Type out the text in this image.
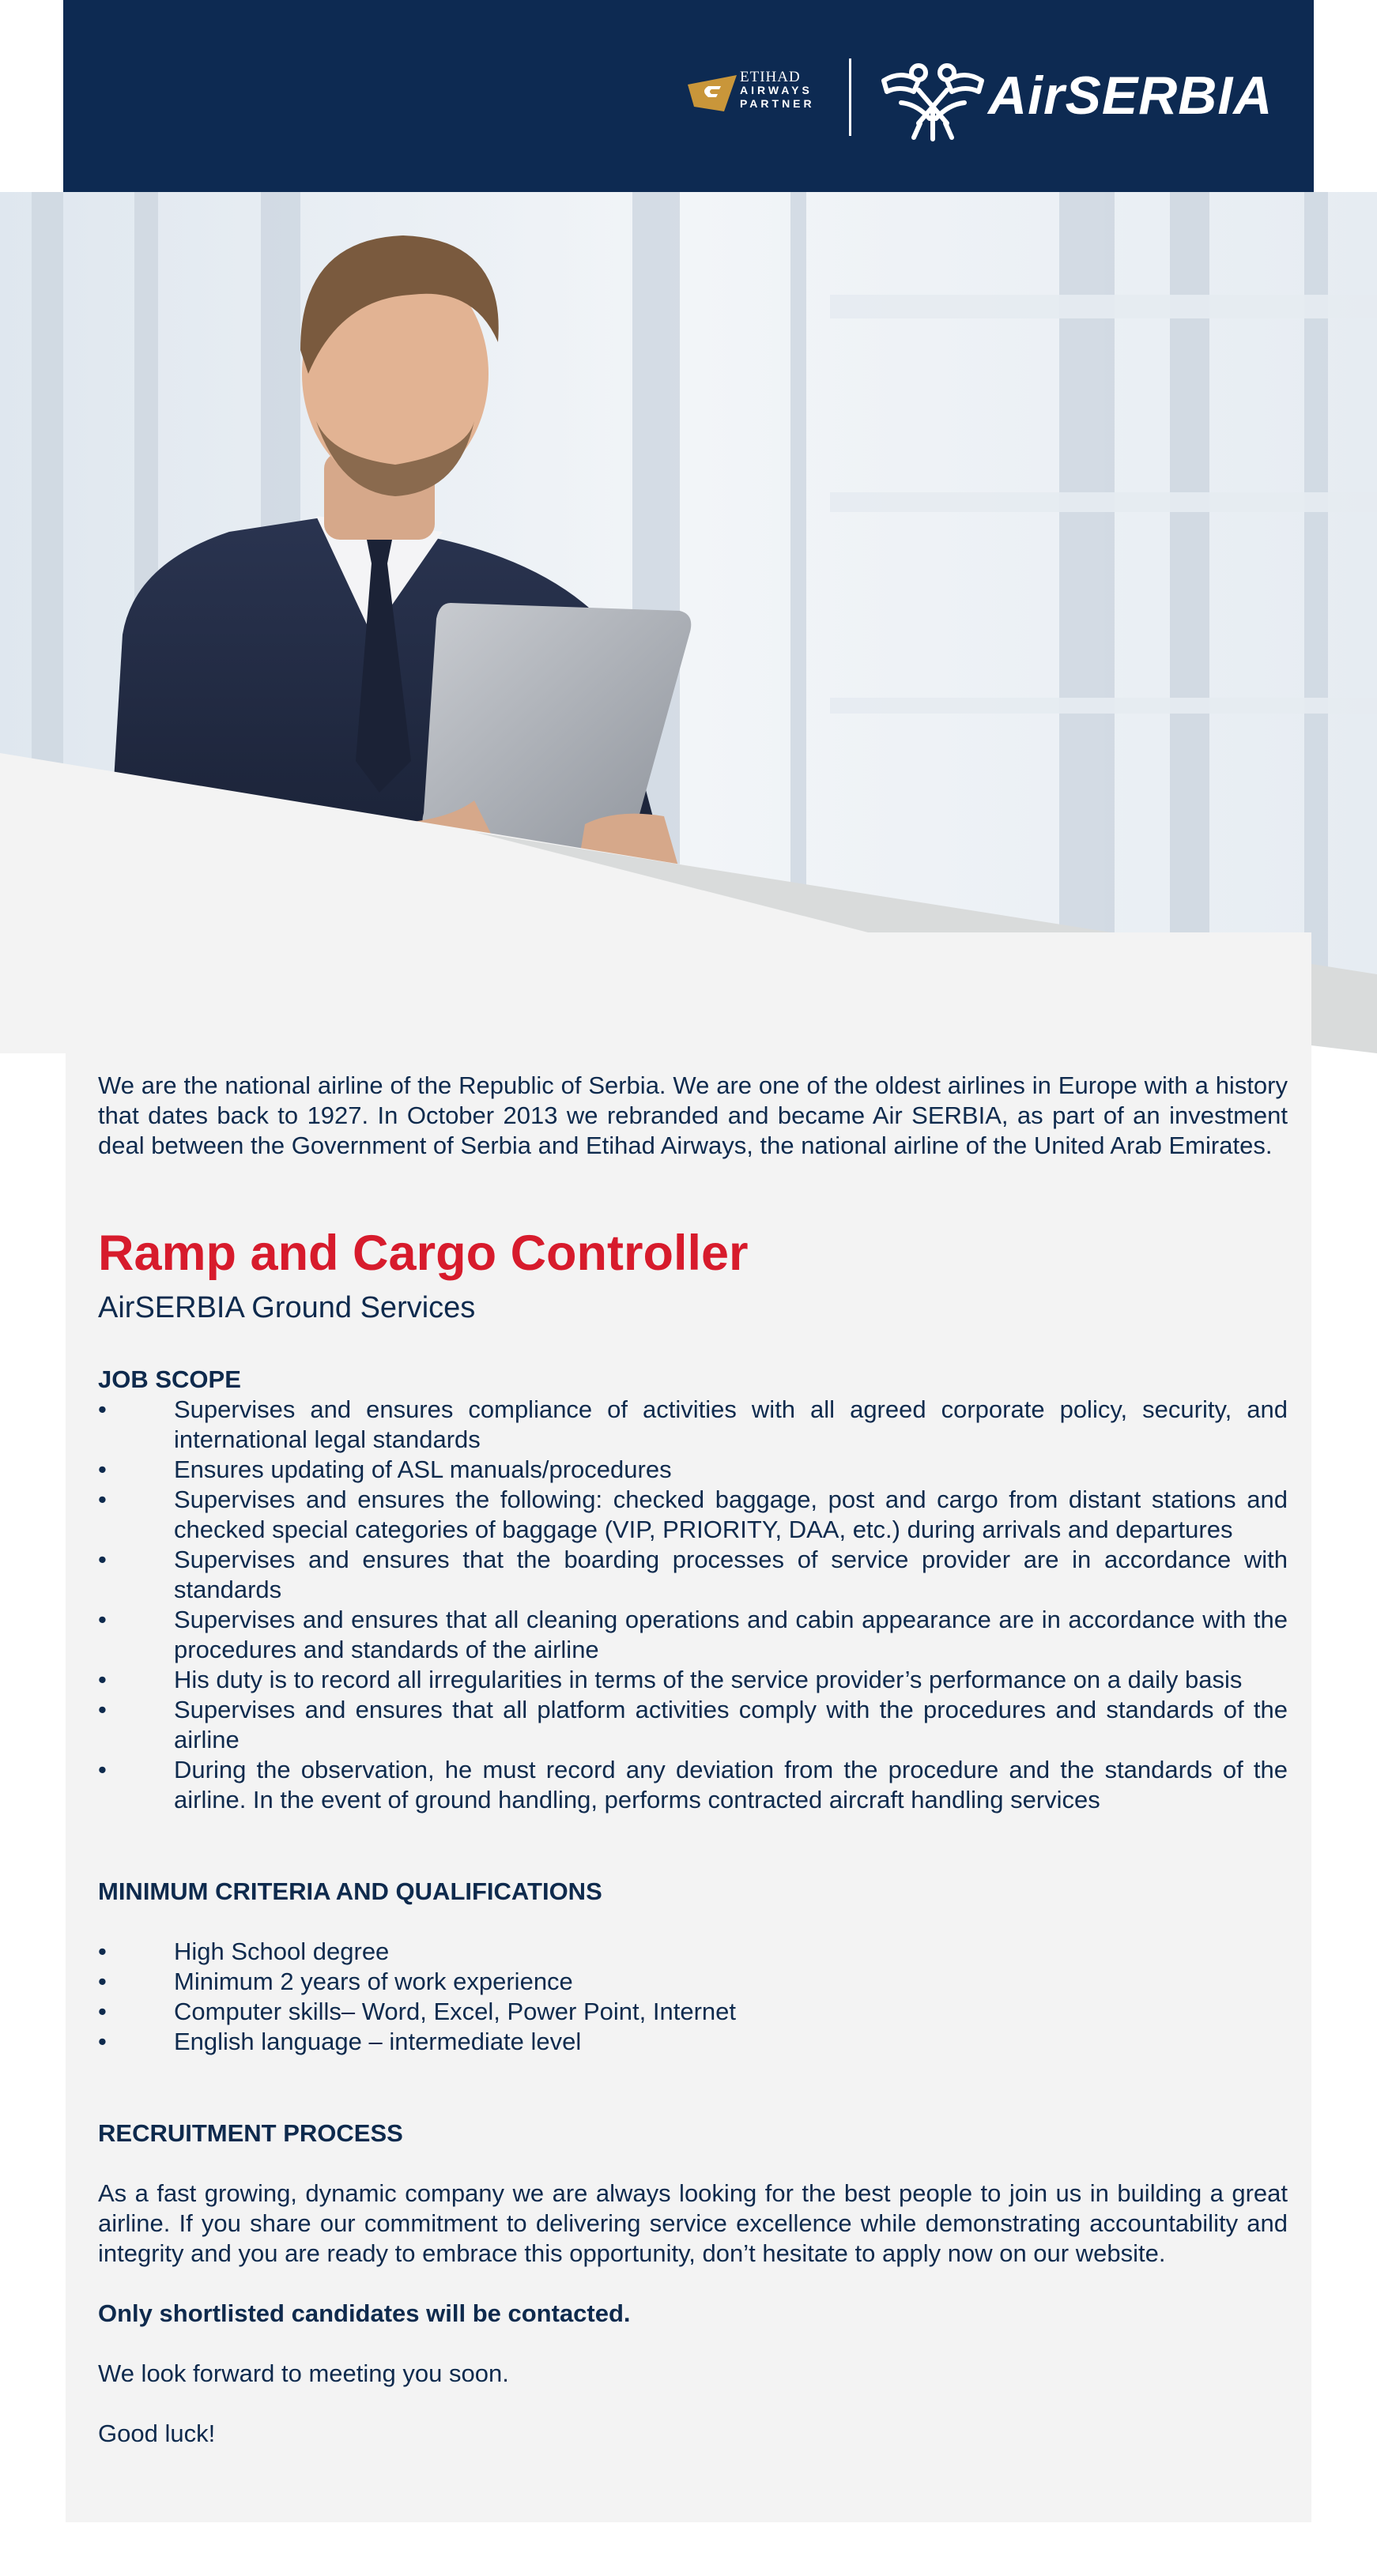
ETIHAD
AIRWAYS
PARTNER	AirSERBIA
We are the national airline of the Republic of Serbia. We are one of the oldest airlines in Europe with a history that dates back to 1927. In October 2013 we rebranded and became Air SERBIA, as part of an investment deal between the Government of Serbia and Etihad Airways, the national airline of the United Arab Emirates.
Ramp and Cargo Controller
AirSERBIA Ground Services
JOB SCOPE
•	Supervises and ensures compliance of activities with all agreed corporate policy, security, and international legal standards
•	Ensures updating of ASL manuals/procedures
•	Supervises and ensures the following: checked baggage, post and cargo from distant stations and checked special categories of baggage (VIP, PRIORITY, DAA, etc.) during arrivals and departures
•	Supervises and ensures that the boarding processes of service provider are in accordance with standards
•	Supervises and ensures that all cleaning operations and cabin appearance are in accordance with the procedures and standards of the airline
•	His duty is to record all irregularities in terms of the service provider’s performance on a daily basis
•	Supervises and ensures that all platform activities comply with the procedures and standards of the airline
•	During the observation, he must record any deviation from the procedure and the standards of the airline. In the event of ground handling, performs contracted aircraft handling services
MINIMUM CRITERIA AND QUALIFICATIONS
•	High School degree
•	Minimum 2 years of work experience
•	Computer skills– Word, Excel, Power Point, Internet
•	English language – intermediate level
RECRUITMENT PROCESS
As a fast growing, dynamic company we are always looking for the best people to join us in building a great airline. If you share our commitment to delivering service excellence while demonstrating accountability and integrity and you are ready to embrace this opportunity, don’t hesitate to apply now on our website.
Only shortlisted candidates will be contacted.
We look forward to meeting you soon.
Good luck!
